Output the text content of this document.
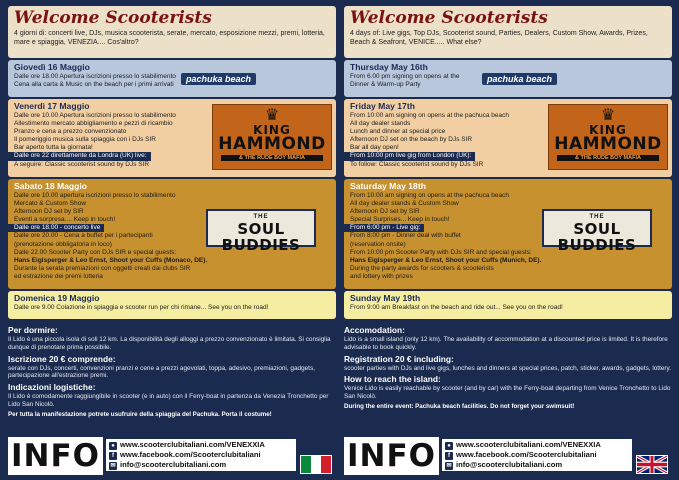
Welcome Scooterists
4 giorni di: concerti live, DJs, musica scooterista, serate, mercato, esposizione mezzi, premi, lotteria, mare e spiaggia, VENEZIA.... Cos'altro?
Giovedì 16 Maggio
Dalle ore 18.00 Apertura iscrizioni presso lo stabilimento
Cena alla carta & Music on the beach per i primi arrivati
pachuka beach
Venerdì 17 Maggio
Dalle ore 10.00 Apertura iscrizioni presso lo stabilimento
Allestimento mercato abbigliamento e pezzi di ricambio
Pranzo e cena a prezzo convenzionato
Il pomeriggio musica sulla spiaggia con i DJs SIR
Bar aperto tutta la giornata!
Dalle ore 22 direttamente da Londra (UK) live:
A seguire: Classic scooterist sound by DJs SIR
♛
KING
HAMMOND
& THE RUDE BOY MAFIA
Sabato 18 Maggio
Dalle ore 10.00 apertura iscrizioni presso lo stabilimento
Mercato & Custom Show
Afternoon DJ set by SIR
Eventi a sorpresa.... Keep in touch!
Dalle ore 18.00 - concerto live
Dalle ore 20.00 - Cena a buffet per i partecipanti
(prenotazione obbligatoria in loco)
Dalle 22.00 Scooter Party con DJs SIR e special guests:
Hans Eiglsperger & Leo Ernst, Shoot your Cuffs (Monaco, DE).
Durante la serata premiazioni con oggetti creati dai clubs SIR
ed estrazione dei premi lotteria
THE
SOUL BUDDIES
Domenica 19 Maggio
Dalle ore 9.00 Colazione in spiaggia e scooter run per chi rimane... See you on the road!
Per dormire:
Il Lido è una piccola isola di soli 12 km. La disponibilità degli alloggi a prezzo convenzionato è limitata. Si consiglia dunque di prenotare prima possibile.
Iscrizione 20 € comprende:
serate con DJs, concerti, convenzioni pranzi e cene a prezzi agevolati, toppa, adesivo, premiazioni, gadgets, partecipazione all'estrazione premi.
Indicazioni logistiche:
Il Lido è comodamente raggiungibile in scooter (e in auto) con il Ferry-boat in partenza da Venezia Tronchetto per Lido San Nicolò.
Per tutta la manifestazione potrete usufruire della spiaggia del Pachuka. Porta il costume!
INFO	● www.scooterclubitaliani.com/VENEXXIA
f www.facebook.com/Scooterclubitaliani
✉ info@scooterclubitaliani.com
Welcome Scooterists
4 days of: Live gigs, Top DJs, Scooterist sound, Parties, Dealers, Custom Show, Awards, Prizes, Beach & Seafront, VENICE..... What else?
Thursday May 16th
From 6.00 pm signing on opens at the
Dinner & Warm-up Party
pachuka beach
Friday May 17th
From 10:00 am signing on opens at the pachuca beach
All day dealer stands
Lunch and dinner at special price
Afternoon DJ set on the beach by DJs SIR
Bar all day open!
From 10:00 pm live gig from London (UK):
To follow: Classic scooterist sound by DJs SIR
♛
KING
HAMMOND
& THE RUDE BOY MAFIA
Saturday May 18th
From 10:00 am signing on opens at the pachuca beach
All day dealer stands & Custom Show
Afternoon DJ set by SIR
Special Surprises... Keep in touch!
From 6:00 pm - Live gig:
From 8:00 pm - Dinner deal with buffet
(reservation onsite)
From 10:00 pm Scooter Party with DJs SIR and special guests:
Hans Eiglsperger & Leo Ernst, Shoot your Cuffs (Munich, DE).
During the party awards for scooters & scooterists
and lottery with prizes
THE
SOUL BUDDIES
Sunday May 19th
From 9:00 am Breakfast on the beach and ride out... See you on the road!
Accomodation:
Lido is a small island (only 12 km). The availability of accommodation at a discounted price is limited. It is therefore advisable to book quickly.
Registration 20 € including:
scooter parties with DJs and live gigs, lunches and dinners at special prices, patch, sticker, awards, gadgets, lottery.
How to reach the island:
Venice Lido is easily reachable by scooter (and by car) with the Ferry-boat departing from Venice Tronchetto to Lido San Nicolò.
During the entire event: Pachuka beach facilities. Do not forget your swimsuit!
INFO	● www.scooterclubitaliani.com/VENEXXIA
f www.facebook.com/Scooterclubitaliani
✉ info@scooterclubitaliani.com
